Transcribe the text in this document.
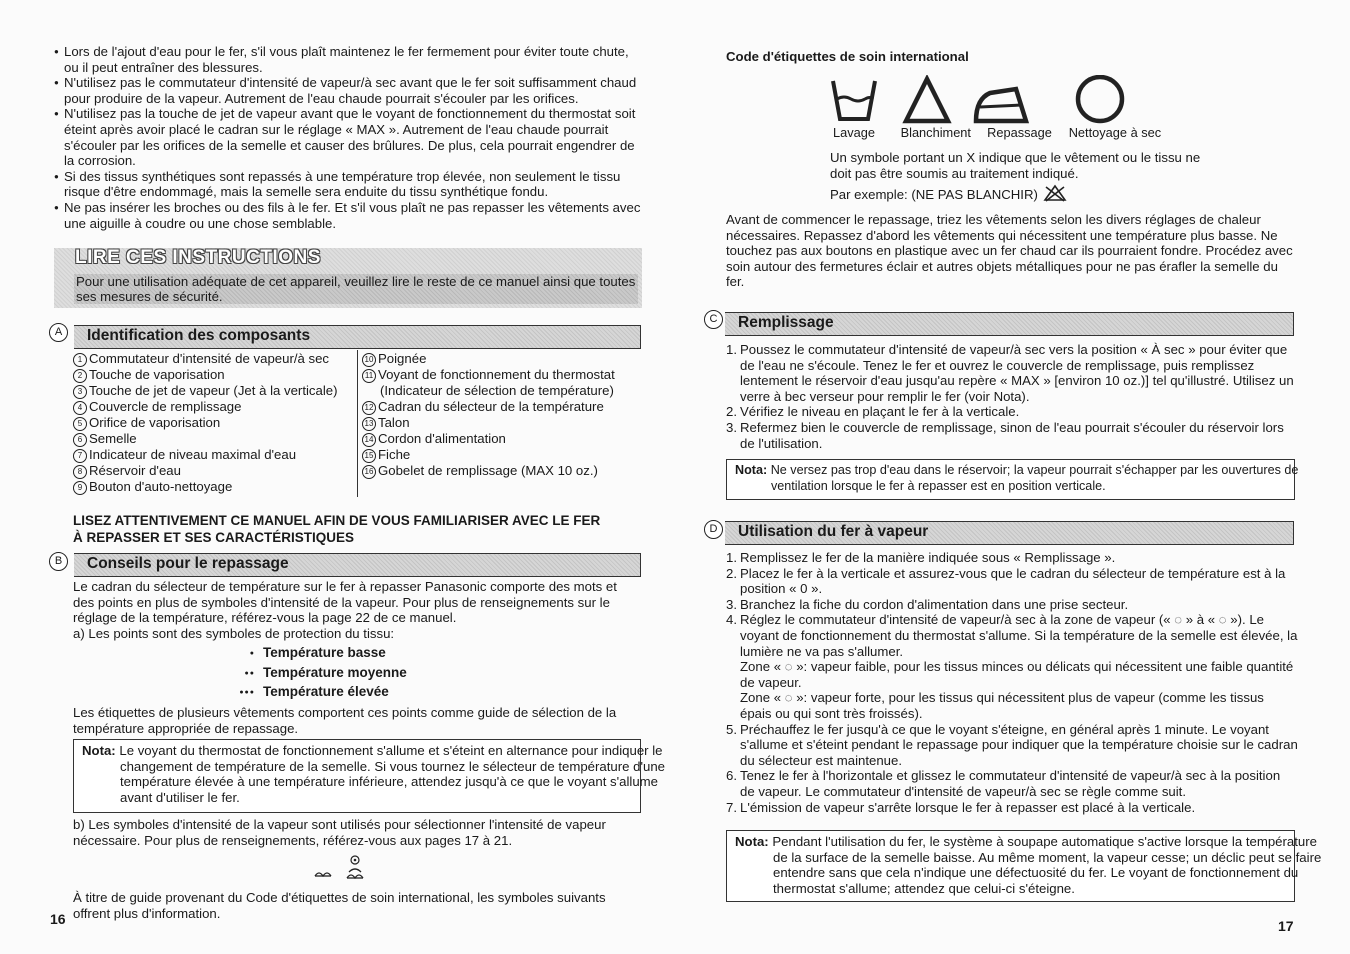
● Lors de l'ajout d'eau pour le fer, s'il vous plaît maintenez le fer fermement pour éviter toute chute, ou il peut entraîner des blessures.
● N'utilisez pas le commutateur d'intensité de vapeur/à sec avant que le fer soit suffisamment chaud pour produire de la vapeur. Autrement de l'eau chaude pourrait s'écouler par les orifices.
● N'utilisez pas la touche de jet de vapeur avant que le voyant de fonctionnement du thermostat soit éteint après avoir placé le cadran sur le réglage « MAX ». Autrement de l'eau chaude pourrait s'écouler par les orifices de la semelle et causer des brûlures. De plus, cela pourrait engendrer de la corrosion.
● Si des tissus synthétiques sont repassés à une température trop élevée, non seulement le tissu risque d'être endommagé, mais la semelle sera enduite du tissu synthétique fondu.
● Ne pas insérer les broches ou des fils à le fer. Et s'il vous plaît ne pas repasser les vêtements avec une aiguille à coudre ou une chose semblable.
LIRE CES INSTRUCTIONS
Pour une utilisation adéquate de cet appareil, veuillez lire le reste de ce manuel ainsi que toutes ses mesures de sécurité.
A	Identification des composants
1 Commutateur d'intensité de vapeur/à sec
2 Touche de vaporisation
3 Touche de jet de vapeur (Jet à la verticale)
4 Couvercle de remplissage
5 Orifice de vaporisation
6 Semelle
7 Indicateur de niveau maximal d'eau
8 Réservoir d'eau
9 Bouton d'auto-nettoyage
10 Poignée
11 Voyant de fonctionnement du thermostat
(Indicateur de sélection de température)
12 Cadran du sélecteur de la température
13 Talon
14 Cordon d'alimentation
15 Fiche
16 Gobelet de remplissage (MAX 10 oz.)
LISEZ ATTENTIVEMENT CE MANUEL AFIN DE VOUS FAMILIARISER AVEC LE FER
À REPASSER ET SES CARACTÉRISTIQUES
B	Conseils pour le repassage
Le cadran du sélecteur de température sur le fer à repasser Panasonic comporte des mots et des points en plus de symboles d'intensité de la vapeur. Pour plus de renseignements sur le réglage de la température, référez-vous la page 22 de ce manuel.
a) Les points sont des symboles de protection du tissu:
● Température basse
●● Température moyenne
●●● Température élevée
Les étiquettes de plusieurs vêtements comportent ces points comme guide de sélection de la température appropriée de repassage.
Nota: Le voyant du thermostat de fonctionnement s'allume et s'éteint en alternance pour indiquer le changement de température de la semelle. Si vous tournez le sélecteur de température d'une température élevée à une température inférieure, attendez jusqu'à ce que le voyant s'allume avant d'utiliser le fer.
b) Les symboles d'intensité de la vapeur sont utilisés pour sélectionner l'intensité de vapeur nécessaire. Pour plus de renseignements, référez-vous aux pages 17 à 21.
À titre de guide provenant du Code d'étiquettes de soin international, les symboles suivants offrent plus d'information.
16
Code d'étiquettes de soin international
Lavage Blanchiment Repassage Nettoyage à sec
Un symbole portant un X indique que le vêtement ou le tissu ne doit pas être soumis au traitement indiqué.
Par exemple: (NE PAS BLANCHIR)
Avant de commencer le repassage, triez les vêtements selon les divers réglages de chaleur nécessaires. Repassez d'abord les vêtements qui nécessitent une température plus basse. Ne touchez pas aux boutons en plastique avec un fer chaud car ils pourraient fondre. Procédez avec soin autour des fermetures éclair et autres objets métalliques pour ne pas érafler la semelle du fer.
C	Remplissage
1. Poussez le commutateur d'intensité de vapeur/à sec vers la position « À sec » pour éviter que de l'eau ne s'écoule. Tenez le fer et ouvrez le couvercle de remplissage, puis remplissez lentement le réservoir d'eau jusqu'au repère « MAX » [environ 10 oz.)] tel qu'illustré. Utilisez un verre à bec verseur pour remplir le fer (voir Nota).
2. Vérifiez le niveau en plaçant le fer à la verticale.
3. Refermez bien le couvercle de remplissage, sinon de l'eau pourrait s'écouler du réservoir lors de l'utilisation.
Nota: Ne versez pas trop d'eau dans le réservoir; la vapeur pourrait s'échapper par les ouvertures de ventilation lorsque le fer à repasser est en position verticale.
D	Utilisation du fer à vapeur
1. Remplissez le fer de la manière indiquée sous « Remplissage ».
2. Placez le fer à la verticale et assurez-vous que le cadran du sélecteur de température est à la position « 0 ».
3. Branchez la fiche du cordon d'alimentation dans une prise secteur.
4. Réglez le commutateur d'intensité de vapeur/à sec à la zone de vapeur (« ◌ » à « ◌ »). Le voyant de fonctionnement du thermostat s'allume. Si la température de la semelle est élevée, la lumière ne va pas s'allumer.
Zone « ◌ »: vapeur faible, pour les tissus minces ou délicats qui nécessitent une faible quantité de vapeur.
Zone « ◌ »: vapeur forte, pour les tissus qui nécessitent plus de vapeur (comme les tissus épais ou qui sont très froissés).
5. Préchauffez le fer jusqu'à ce que le voyant s'éteigne, en général après 1 minute. Le voyant s'allume et s'éteint pendant le repassage pour indiquer que la température choisie sur le cadran du sélecteur est maintenue.
6. Tenez le fer à l'horizontale et glissez le commutateur d'intensité de vapeur/à sec à la position de vapeur. Le commutateur d'intensité de vapeur/à sec se règle comme suit.
7. L'émission de vapeur s'arrête lorsque le fer à repasser est placé à la verticale.
Nota: Pendant l'utilisation du fer, le système à soupape automatique s'active lorsque la température de la surface de la semelle baisse. Au même moment, la vapeur cesse; un déclic peut se faire entendre sans que cela n'indique une défectuosité du fer. Le voyant de fonctionnement du thermostat s'allume; attendez que celui-ci s'éteigne.
17
